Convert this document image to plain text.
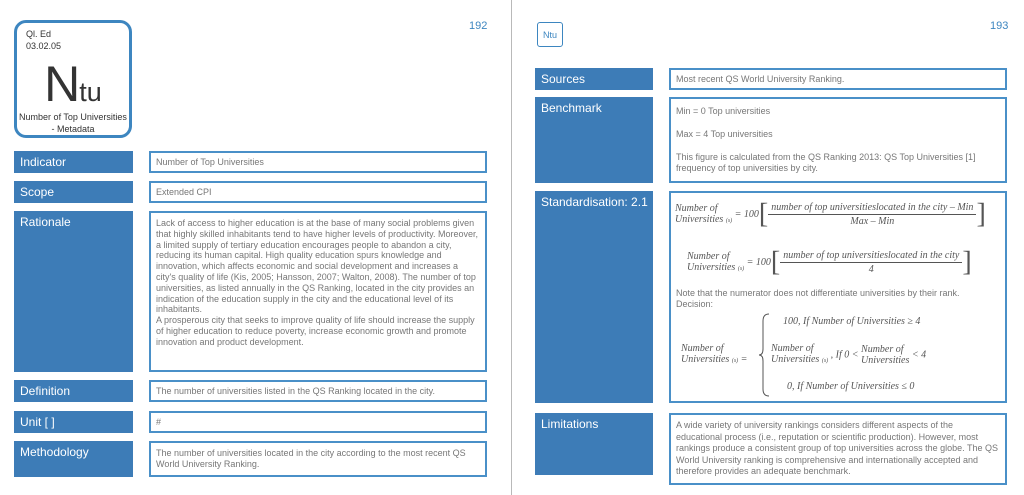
192
Ql. Ed
03.02.05
Ntu
Number of Top Universities - Metadata
Indicator	Number of Top Universities
Scope	Extended CPI
Rationale	Lack of access to higher education is at the base of many social problems given that highly skilled inhabitants tend to have higher levels of productivity. Moreover, a limited supply of tertiary education encourages people to abandon a city, reducing its human capital. High quality education spurs knowledge and innovation, which affects economic and social development and increases a city's quality of life (Kis, 2005; Hansson, 2007; Walton, 2008). The number of top universities, as listed annually in the QS Ranking, located in the city provides an indication of the education supply in the city and the educational level of its inhabitants.
A prosperous city that seeks to improve quality of life should increase the supply of higher education to reduce poverty, increase economic growth and promote innovation and product development.
Definition	The number of universities listed in the QS Ranking located in the city.
Unit [ ]	#
Methodology	The number of universities located in the city according to the most recent QS World University Ranking.
193
Ntu
Sources	Most recent QS World University Ranking.
Benchmark	Min = 0 Top universities

Max = 4 Top universities

This figure is calculated from the QS Ranking 2013: QS Top Universities [1] frequency of top universities by city.

Standardisation: 2.1	Number of
Universities (s)
= $100[ \frac{\text{number of top universitieslocated in the city – Min}}{\text{Max – Min}}$ ]
Number of
Universities (s)
= $100[ \frac{\text{number of top universitieslocated in the city}}{4}$ ]
Note that the numerator does not differentiate universities by their rank.
Decision:
Number of
Universities (s) =
100, If Number of Universities ≥ 4
Number of
Universities (s)
, If 0 < Number of
Universities
< 4
0, If Number of Universities ≤ 0
Limitations	A wide variety of university rankings considers different aspects of the educational process (i.e., reputation or scientific production). However, most rankings produce a consistent group of top universities across the globe. The QS World University ranking is comprehensive and internationally accepted and therefore provides an adequate benchmark.
